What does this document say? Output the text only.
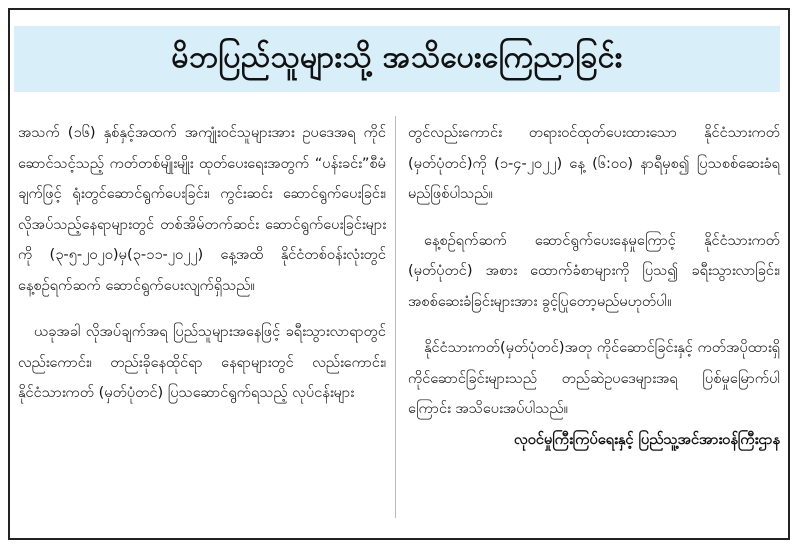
မိဘပြည်သူများသို့ အသိပေးကြေညာခြင်း

အသက် (၁၆) နှစ်နှင့်အထက် အကျုံးဝင်သူများအား ဥပဒေအရ ကိုင်ဆောင်သင့်သည့် ကတ်တစ်မျိုးမျိုး ထုတ်ပေးရေးအတွက် “ပန်းခင်း”စီမံချက်ဖြင့် ရုံးတွင်ဆောင်ရွက်ပေးခြင်း၊ ကွင်းဆင်း ဆောင်ရွက်ပေးခြင်း၊ လိုအပ်သည့်နေရာများတွင် တစ်အိမ်တက်ဆင်း ဆောင်ရွက်ပေးခြင်းများကို (၃-၅-၂၀၂၀)မှ(၃-၁၁-၂၀၂၂) နေ့အထိ နိုင်ငံတစ်ဝန်းလုံးတွင် နေ့စဉ်ရက်ဆက် ဆောင်ရွက်ပေးလျက်ရှိသည်။

ယခုအခါ လိုအပ်ချက်အရ ပြည်သူများအနေဖြင့် ခရီးသွားလာရာတွင် လည်းကောင်း၊ တည်းခိုနေထိုင်ရာ နေရာများတွင် လည်းကောင်း၊ နိုင်ငံသားကတ် (မှတ်ပုံတင်) ပြသဆောင်ရွက်ရသည့် လုပ်ငန်းများ

တွင်လည်းကောင်း တရားဝင်ထုတ်ပေးထားသော နိုင်ငံသားကတ် (မှတ်ပုံတင်)ကို (၁-၄-၂၀၂၂) နေ့ (၆:၀၀) နာရီမှစ၍ ပြသစစ်ဆေးခံရမည်ဖြစ်ပါသည်။

နေ့စဉ်ရက်ဆက် ဆောင်ရွက်ပေးနေမှုကြောင့် နိုင်ငံသားကတ် (မှတ်ပုံတင်) အစား ထောက်ခံစာများကို ပြသ၍ ခရီးသွားလာခြင်း၊ အစစ်ဆေးခံခြင်းများအား ခွင့်ပြုတော့မည်မဟုတ်ပါ။

နိုင်ငံသားကတ်(မှတ်ပုံတင်)အတု ကိုင်ဆောင်ခြင်းနှင့် ကတ်အပိုထားရှိကိုင်ဆောင်ခြင်းများသည် တည်ဆဲဥပဒေများအရ ပြစ်မှုမြောက်ပါကြောင်း အသိပေးအပ်ပါသည်။

လုဝင်မှုကြီးကြပ်ရေးနှင့် ပြည်သူ့အင်အားဝန်ကြီးဌာန
